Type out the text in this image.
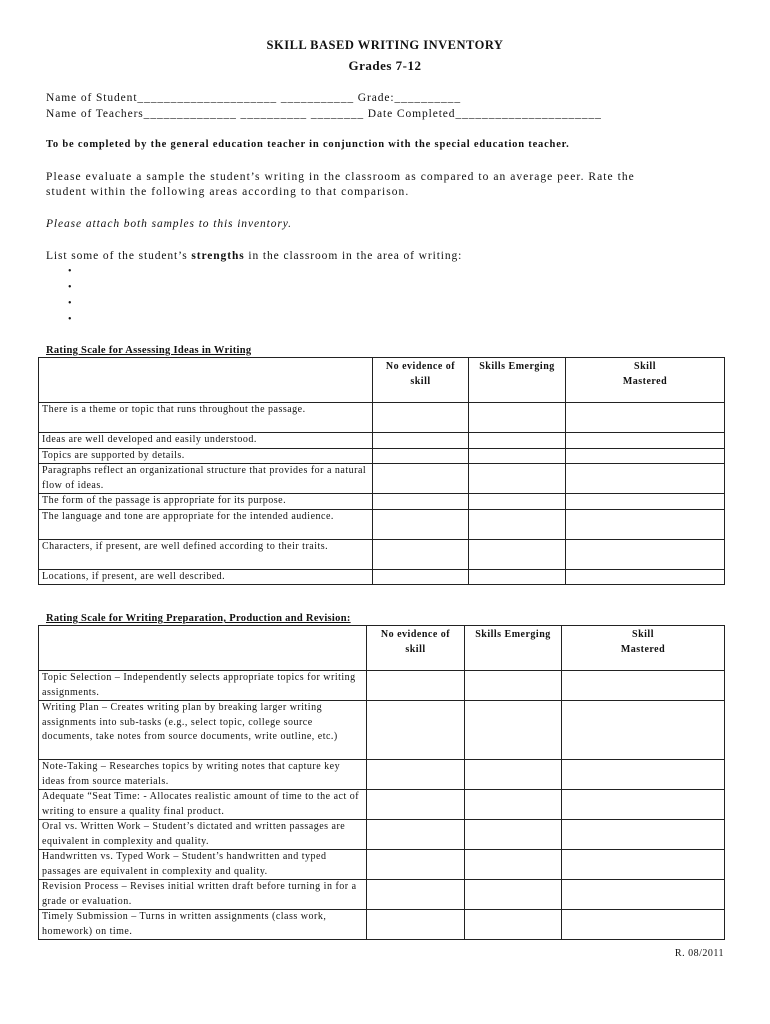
SKILL BASED WRITING INVENTORY
Grades 7-12
Name of Student_____________________ ___________ Grade:__________
Name of Teachers______________ __________ ________ Date Completed______________________
To be completed by the general education teacher in conjunction with the special education teacher.
Please evaluate a sample the student’s writing in the classroom as compared to an average peer. Rate the
student within the following areas according to that comparison.
Please attach both samples to this inventory.
List some of the student’s strengths in the classroom in the area of writing:
•
•
•
•
Rating Scale for Assessing Ideas in Writing
	No evidence of skill	Skills Emerging	Skill Mastered
There is a theme or topic that runs throughout the passage.			
Ideas are well developed and easily understood.			
Topics are supported by details.			
Paragraphs reflect an organizational structure that provides for a natural flow of ideas.			
The form of the passage is appropriate for its purpose.			
The language and tone are appropriate for the intended audience.			
Characters, if present, are well defined according to their traits.			
Locations, if present, are well described.			
Rating Scale for Writing Preparation, Production and Revision:
	No evidence of skill	Skills Emerging	Skill Mastered
Topic Selection – Independently selects appropriate topics for writing assignments.			
Writing Plan – Creates writing plan by breaking larger writing assignments into sub-tasks (e.g., select topic, college source documents, take notes from source documents, write outline, etc.)			
Note-Taking – Researches topics by writing notes that capture key ideas from source materials.			
Adequate “Seat Time: - Allocates realistic amount of time to the act of writing to ensure a quality final product.			
Oral vs. Written Work – Student’s dictated and written passages are equivalent in complexity and quality.			
Handwritten vs. Typed Work – Student’s handwritten and typed passages are equivalent in complexity and quality.			
Revision Process – Revises initial written draft before turning in for a grade or evaluation.			
Timely Submission – Turns in written assignments (class work, homework) on time.			
R. 08/2011
